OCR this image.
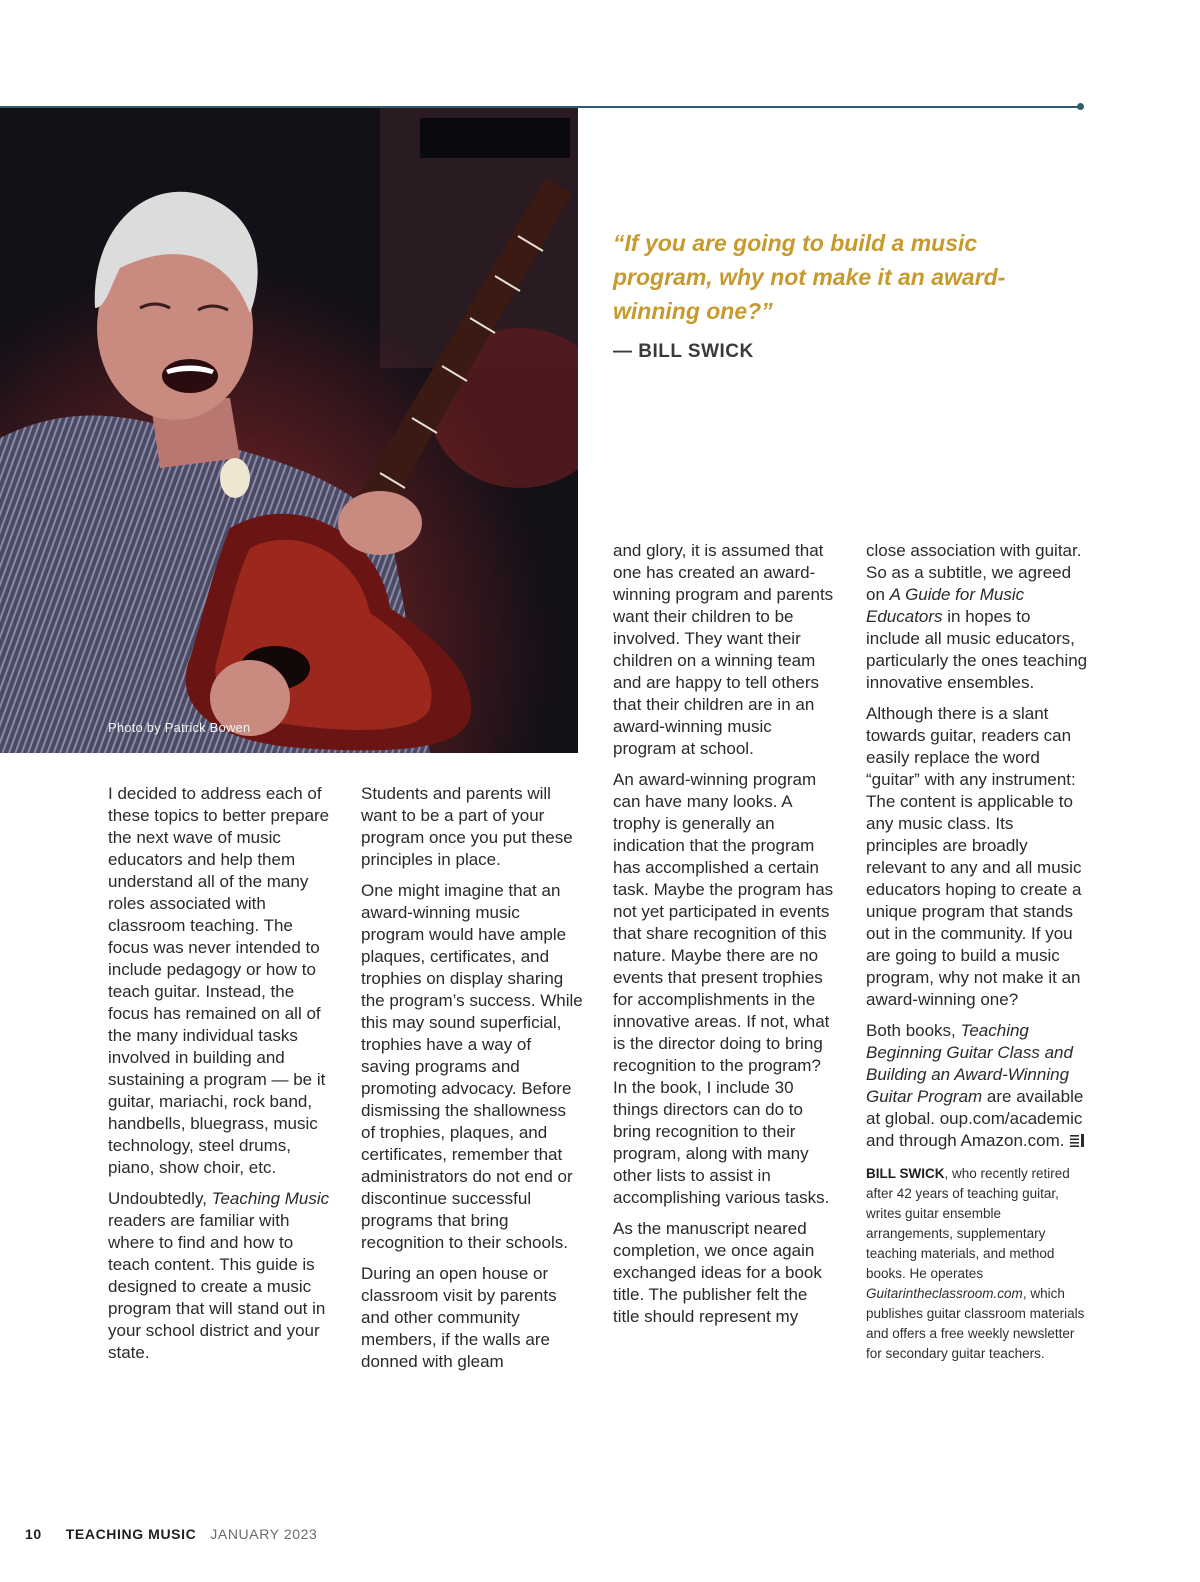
Photo by Patrick Bowen
“If you are going to build a music program, why not make it an award-winning one?”
— BILL SWICK

I decided to address each of these topics to better prepare the next wave of music educators and help them understand all of the many roles associated with classroom teaching. The focus was never intended to include pedagogy or how to teach guitar. Instead, the focus has remained on all of the many individual tasks involved in building and sustaining a program — be it guitar, mariachi, rock band, handbells, bluegrass, music technology, steel drums, piano, show choir, etc.

Undoubtedly, Teaching Music readers are familiar with where to find and how to teach content. This guide is designed to create a music program that will stand out in your school district and your state.

Students and parents will want to be a part of your program once you put these principles in place.

One might imagine that an award-winning music program would have ample plaques, certificates, and trophies on display sharing the program’s success. While this may sound superficial, trophies have a way of saving programs and promoting advocacy. Before dismissing the shallowness of trophies, plaques, and certificates, remember that administrators do not end or discontinue successful programs that bring recognition to their schools.

During an open house or classroom visit by parents and other community members, if the walls are donned with gleam

and glory, it is assumed that one has created an award-winning program and parents want their children to be involved. They want their children on a winning team and are happy to tell others that their children are in an award-winning music program at school.

An award-winning program can have many looks. A trophy is generally an indication that the program has accomplished a certain task. Maybe the program has not yet participated in events that share recognition of this nature. Maybe there are no events that present trophies for accomplishments in the innovative areas. If not, what is the director doing to bring recognition to the program? In the book, I include 30 things directors can do to bring recognition to their program, along with many other lists to assist in accomplishing various tasks.

As the manuscript neared completion, we once again exchanged ideas for a book title. The publisher felt the title should represent my

close association with guitar. So as a subtitle, we agreed on A Guide for Music Educators in hopes to include all music educators, particularly the ones teaching innovative ensembles.

Although there is a slant towards guitar, readers can easily replace the word “guitar” with any instrument: The content is applicable to any music class. Its principles are broadly relevant to any and all music educators hoping to create a unique program that stands out in the community. If you are going to build a music program, why not make it an award-winning one?

Both books, Teaching Beginning Guitar Class and Building an Award-Winning Guitar Program are available at global. oup.com/academic and through Amazon.com.

BILL SWICK, who recently retired after 42 years of teaching guitar, writes guitar ensemble arrangements, supplementary teaching materials, and method books. He operates Guitarintheclassroom.com, which publishes guitar classroom materials and offers a free weekly newsletter for secondary guitar teachers.
10 TEACHING MUSIC JANUARY 2023
